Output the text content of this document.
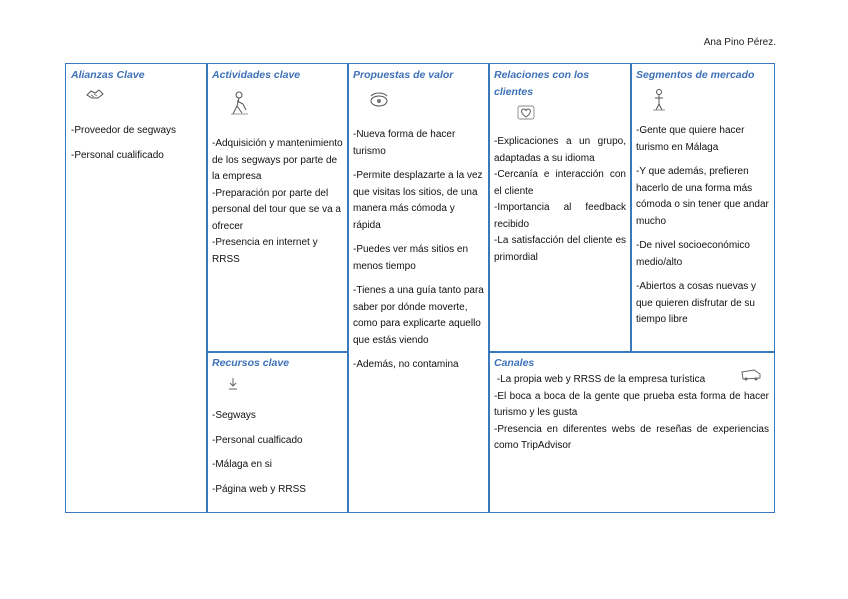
Ana Pino Pérez.
Alianzas Clave
-Proveedor de segways
-Personal cualificado
Actividades clave
-Adquisición y mantenimiento de los segways por parte de la empresa
-Preparación por parte del personal del tour que se va a ofrecer
-Presencia en internet y RRSS
Recursos clave
-Segways
-Personal cualficado
-Málaga en si
-Página web y RRSS
Propuestas de valor
-Nueva forma de hacer turismo
-Permite desplazarte a la vez que visitas los sitios, de una manera más cómoda y rápida
-Puedes ver más sitios en menos tiempo
-Tienes a una guía tanto para saber por dónde moverte, como para explicarte aquello que estás viendo
-Además, no contamina
Relaciones con los clientes
-Explicaciones a un grupo, adaptadas a su idioma
-Cercanía e interacción con el cliente
-Importancia al feedback recibido
-La satisfacción del cliente es primordial
Segmentos de mercado
-Gente que quiere hacer turismo en Málaga
-Y que además, prefieren hacerlo de una forma más cómoda o sin tener que andar mucho
-De nivel socioeconómico medio/alto
-Abiertos a cosas nuevas y que quieren disfrutar de su tiempo libre
Canales
-La propia web y RRSS de la empresa turística
-El boca a boca de la gente que prueba esta forma de hacer turismo y les gusta
-Presencia en diferentes webs de reseñas de experiencias como TripAdvisor
